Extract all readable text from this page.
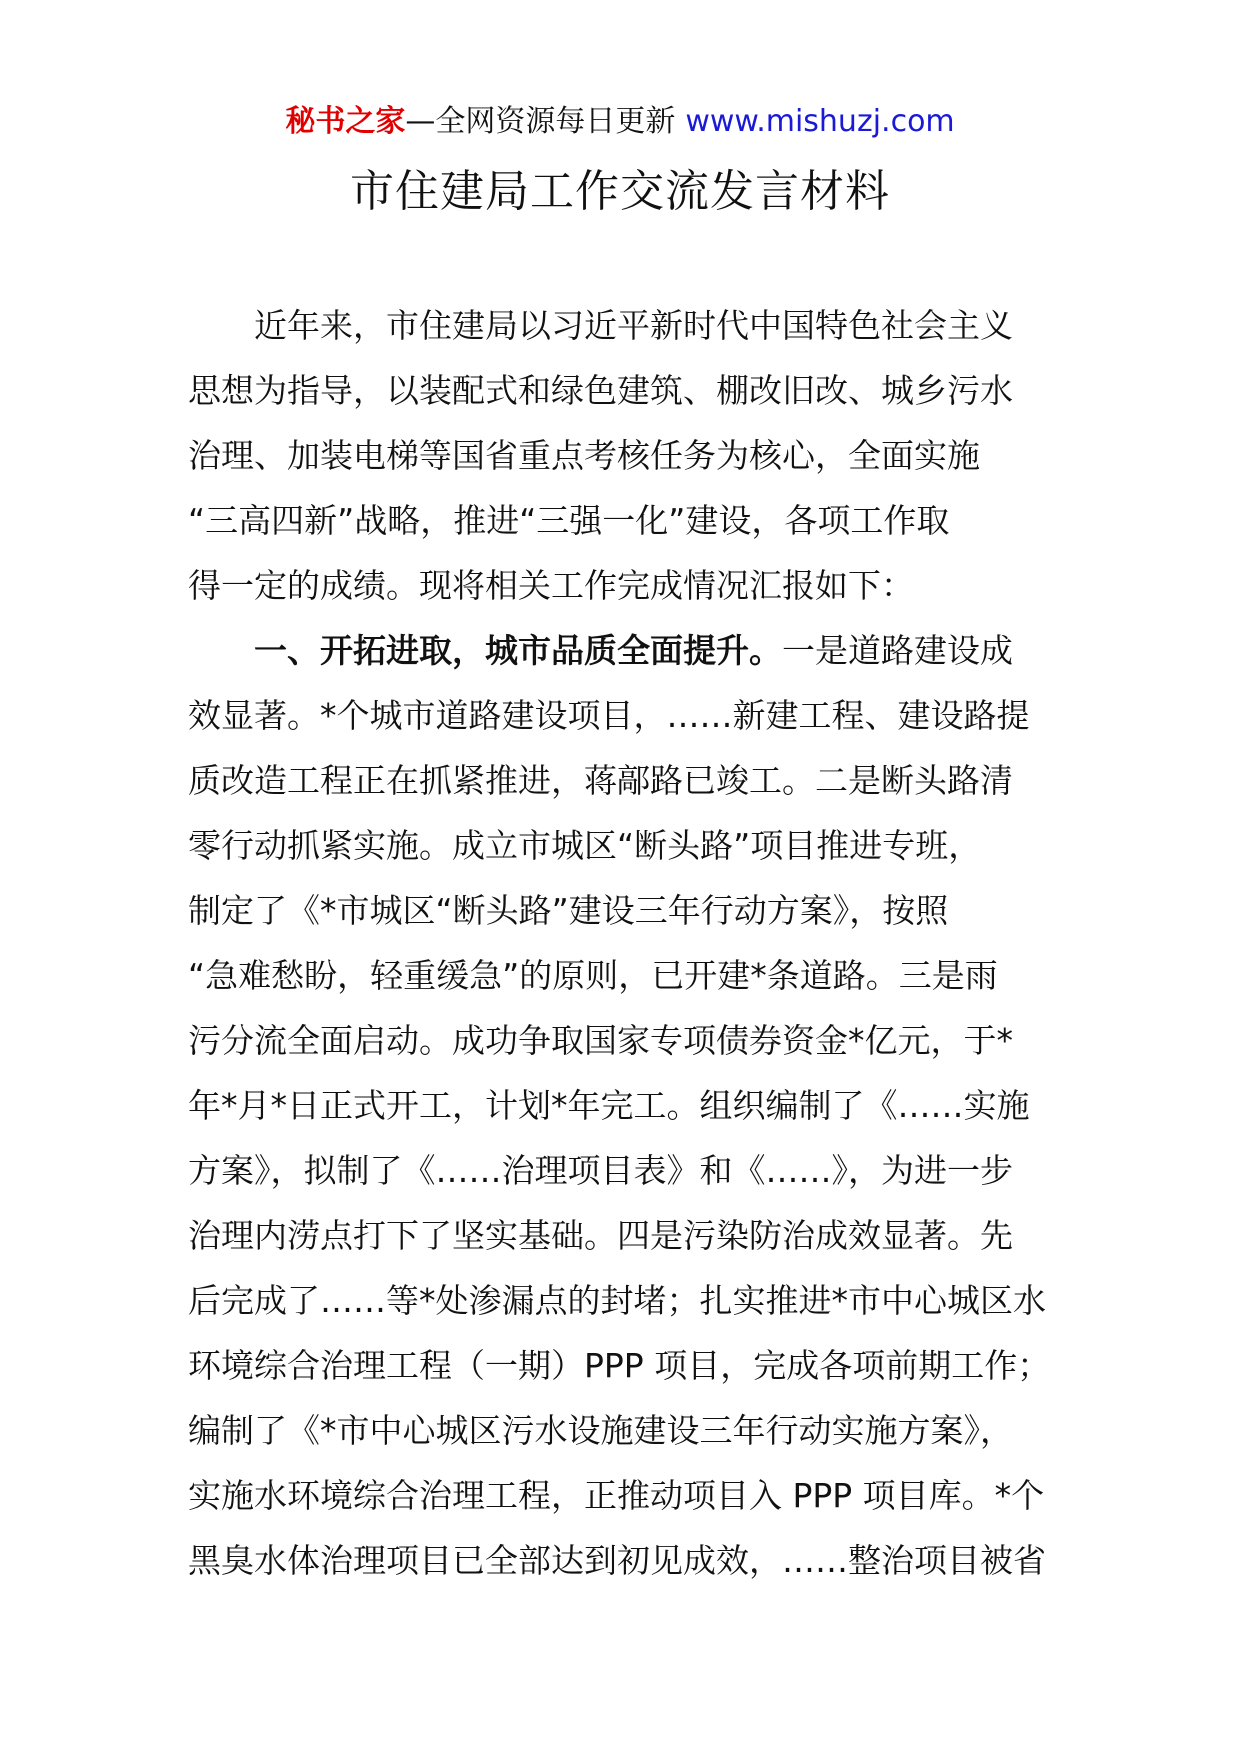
秘书之家—全网资源每日更新 www.mishuzj.com
市住建局工作交流发言材料
近年来，市住建局以习近平新时代中国特色社会主义
思想为指导，以装配式和绿色建筑、棚改旧改、城乡污水
治理、加装电梯等国省重点考核任务为核心，全面实施
“三高四新”战略，推进“三强一化”建设，各项工作取
得一定的成绩。现将相关工作完成情况汇报如下：
一、开拓进取，城市品质全面提升。一是道路建设成
效显著。*个城市道路建设项目，……新建工程、建设路提
质改造工程正在抓紧推进，蒋鄗路已竣工。二是断头路清
零行动抓紧实施。成立市城区“断头路”项目推进专班，
制定了《*市城区“断头路”建设三年行动方案》，按照
“急难愁盼，轻重缓急”的原则，已开建*条道路。三是雨
污分流全面启动。成功争取国家专项债券资金*亿元，于*
年*月*日正式开工，计划*年完工。组织编制了《……实施
方案》，拟制了《……治理项目表》和《……》，为进一步
治理内涝点打下了坚实基础。四是污染防治成效显著。先
后完成了……等*处渗漏点的封堵；扎实推进*市中心城区水
环境综合治理工程（一期）PPP 项目，完成各项前期工作；
编制了《*市中心城区污水设施建设三年行动实施方案》，
实施水环境综合治理工程，正推动项目入 PPP 项目库。*个
黑臭水体治理项目已全部达到初见成效，……整治项目被省
